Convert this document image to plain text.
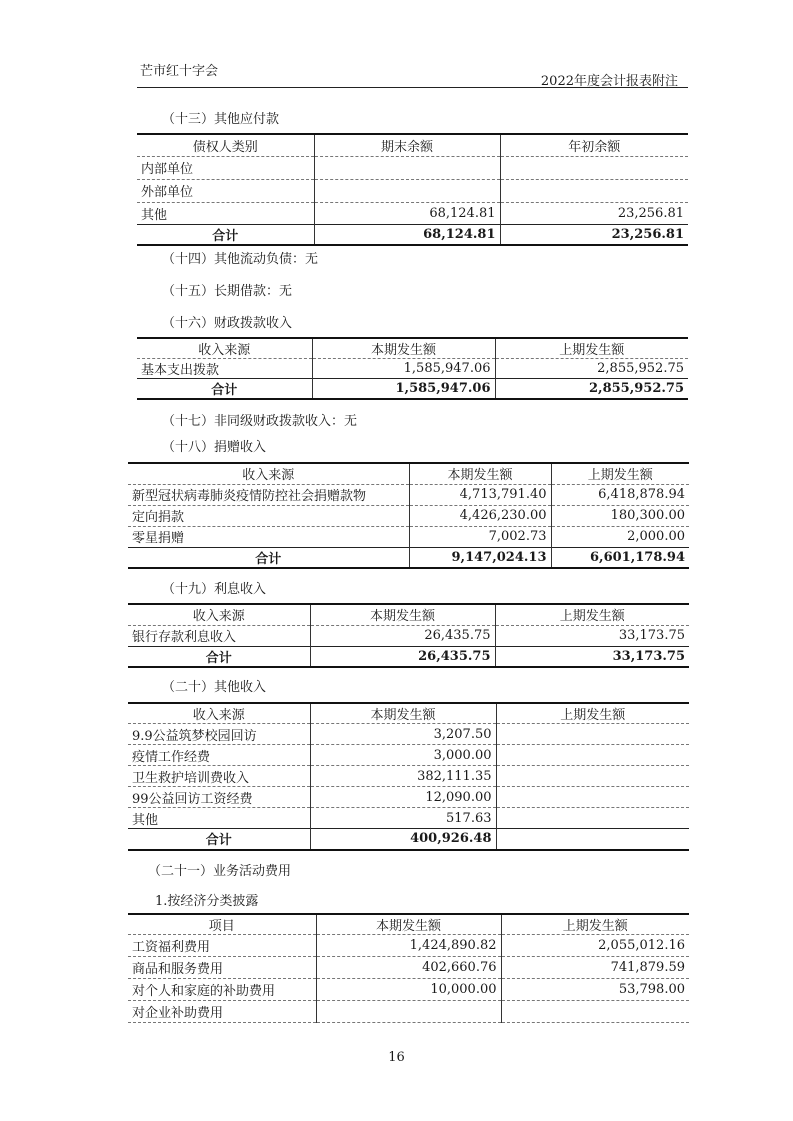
芒市红十字会
2022年度会计报表附注
（十三）其他应付款
债权人类别	期末余额	年初余额
内部单位		
外部单位		
其他	68,124.81	23,256.81
合计	68,124.81	23,256.81
（十四）其他流动负债：无
（十五）长期借款：无
（十六）财政拨款收入
收入来源	本期发生额	上期发生额
基本支出拨款	1,585,947.06	2,855,952.75
合计	1,585,947.06	2,855,952.75
（十七）非同级财政拨款收入：无
（十八）捐赠收入
收入来源	本期发生额	上期发生额
新型冠状病毒肺炎疫情防控社会捐赠款物	4,713,791.40	6,418,878.94
定向捐款	4,426,230.00	180,300.00
零星捐赠	7,002.73	2,000.00
合计	9,147,024.13	6,601,178.94
（十九）利息收入
收入来源	本期发生额	上期发生额
银行存款利息收入	26,435.75	33,173.75
合计	26,435.75	33,173.75
（二十）其他收入
收入来源	本期发生额	上期发生额
9.9公益筑梦校园回访	3,207.50	
疫情工作经费	3,000.00	
卫生救护培训费收入	382,111.35	
99公益回访工资经费	12,090.00	
其他	517.63	
合计	400,926.48	
（二十一）业务活动费用
1.按经济分类披露
项目	本期发生额	上期发生额
工资福利费用	1,424,890.82	2,055,012.16
商品和服务费用	402,660.76	741,879.59
对个人和家庭的补助费用	10,000.00	53,798.00
对企业补助费用		
16
